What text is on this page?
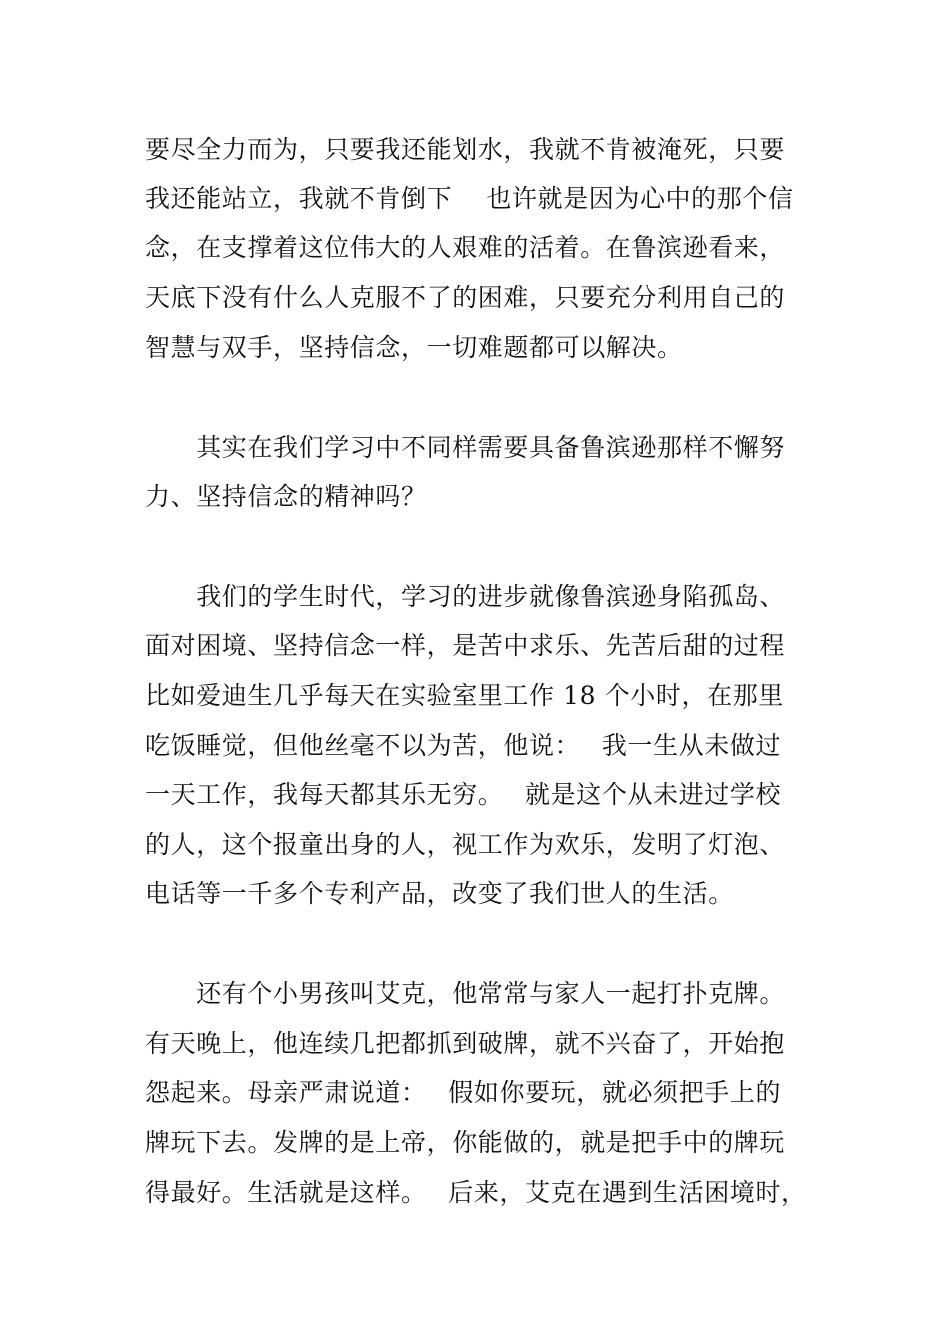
要尽全力而为，只要我还能划水，我就不肯被淹死，只要
我还能站立，我就不肯倒下　 也许就是因为心中的那个信
念，在支撑着这位伟大的人艰难的活着。在鲁滨逊看来，
天底下没有什么人克服不了的困难，只要充分利用自己的
智慧与双手，坚持信念，一切难题都可以解决。
　　其实在我们学习中不同样需要具备鲁滨逊那样不懈努
力、坚持信念的精神吗？
　　我们的学生时代，学习的进步就像鲁滨逊身陷孤岛、
面对困境、坚持信念一样，是苦中求乐、先苦后甜的过程
比如爱迪生几乎每天在实验室里工作 18 个小时，在那里
吃饭睡觉，但他丝毫不以为苦，他说：　 我一生从未做过
一天工作，我每天都其乐无穷。　 就是这个从未进过学校
的人，这个报童出身的人，视工作为欢乐，发明了灯泡、
电话等一千多个专利产品，改变了我们世人的生活。
　　还有个小男孩叫艾克，他常常与家人一起打扑克牌。
有天晚上，他连续几把都抓到破牌，就不兴奋了，开始抱
怨起来。母亲严肃说道：　 假如你要玩，就必须把手上的
牌玩下去。发牌的是上帝，你能做的，就是把手中的牌玩
得最好。生活就是这样。　 后来，艾克在遇到生活困境时，
